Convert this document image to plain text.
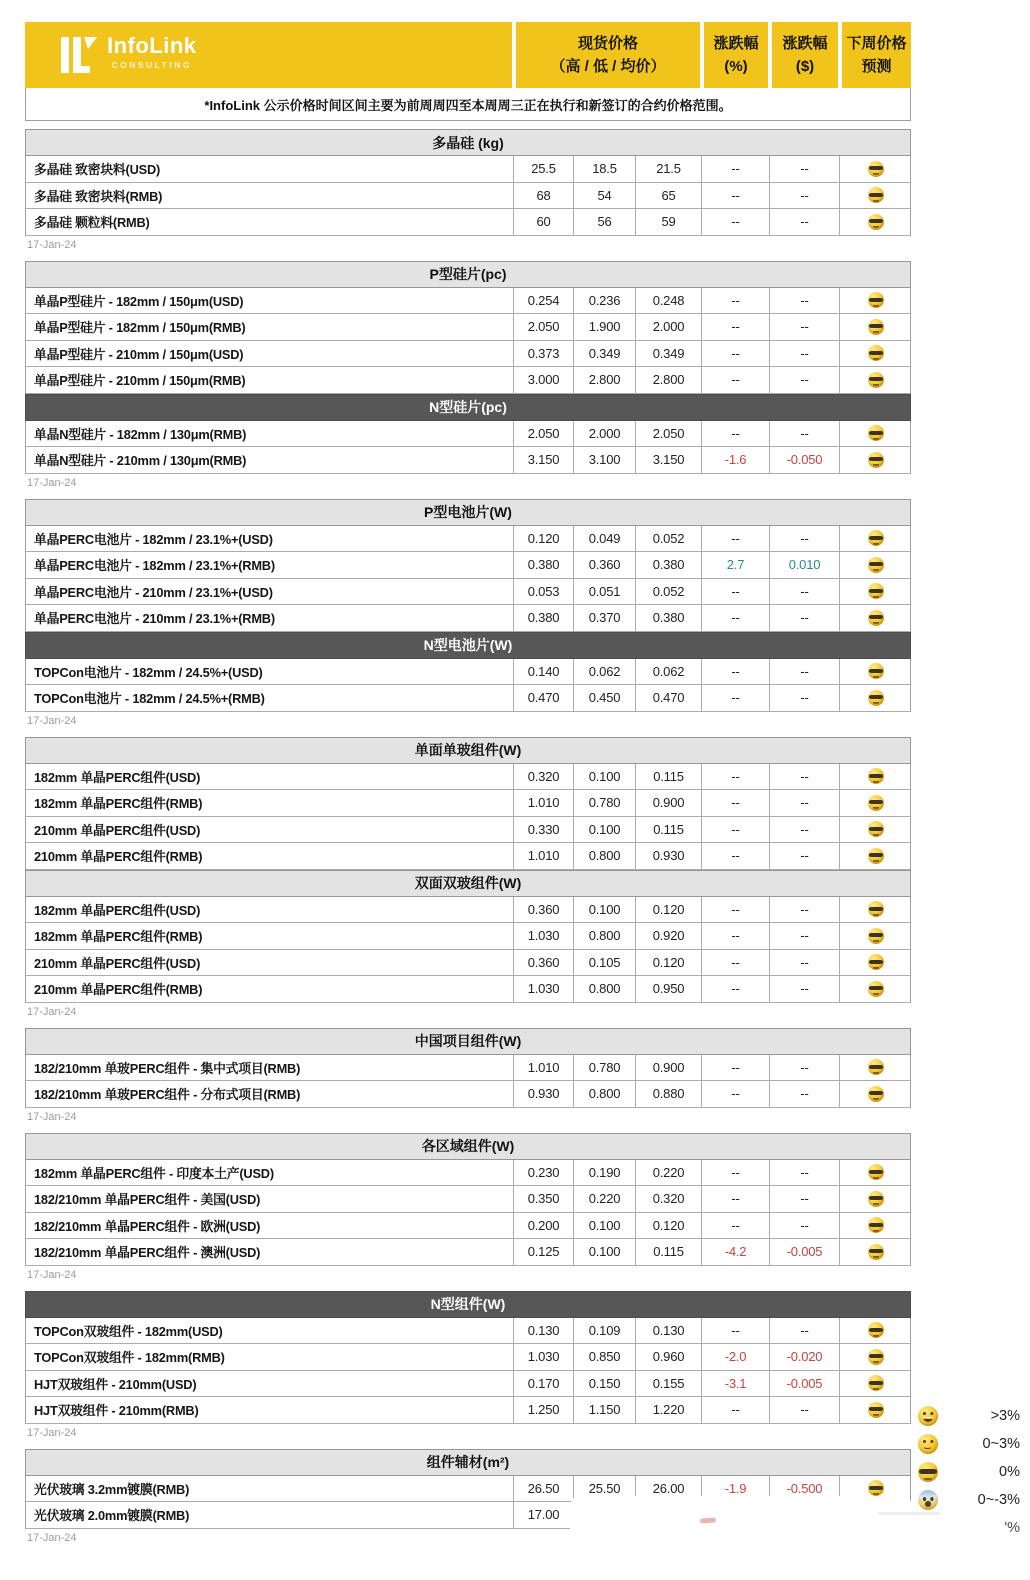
InfoLink
CONSULTING
现货价格
（高 / 低 / 均价）
涨跌幅
(%)
涨跌幅
($)
下周价格
预测
*InfoLink 公示价格时间区间主要为前周周四至本周周三正在执行和新签订的合约价格范围。
多晶硅 (kg)
多晶硅 致密块料(USD)	25.5	18.5	21.5	--	--
多晶硅 致密块料(RMB)	68	54	65	--	--
多晶硅 颗粒料(RMB)	60	56	59	--	--
17-Jan-24
P型硅片(pc)
单晶P型硅片 - 182mm / 150μm(USD)	0.254	0.236	0.248	--	--
单晶P型硅片 - 182mm / 150μm(RMB)	2.050	1.900	2.000	--	--
单晶P型硅片 - 210mm / 150μm(USD)	0.373	0.349	0.349	--	--
单晶P型硅片 - 210mm / 150μm(RMB)	3.000	2.800	2.800	--	--
N型硅片(pc)
单晶N型硅片 - 182mm / 130μm(RMB)	2.050	2.000	2.050	--	--
单晶N型硅片 - 210mm / 130μm(RMB)	3.150	3.100	3.150	-1.6	-0.050
17-Jan-24
P型电池片(W)
单晶PERC电池片 - 182mm / 23.1%+(USD)	0.120	0.049	0.052	--	--
单晶PERC电池片 - 182mm / 23.1%+(RMB)	0.380	0.360	0.380	2.7	0.010
单晶PERC电池片 - 210mm / 23.1%+(USD)	0.053	0.051	0.052	--	--
单晶PERC电池片 - 210mm / 23.1%+(RMB)	0.380	0.370	0.380	--	--
N型电池片(W)
TOPCon电池片 - 182mm / 24.5%+(USD)	0.140	0.062	0.062	--	--
TOPCon电池片 - 182mm / 24.5%+(RMB)	0.470	0.450	0.470	--	--
17-Jan-24
单面单玻组件(W)
182mm 单晶PERC组件(USD)	0.320	0.100	0.115	--	--
182mm 单晶PERC组件(RMB)	1.010	0.780	0.900	--	--
210mm 单晶PERC组件(USD)	0.330	0.100	0.115	--	--
210mm 单晶PERC组件(RMB)	1.010	0.800	0.930	--	--
双面双玻组件(W)
182mm 单晶PERC组件(USD)	0.360	0.100	0.120	--	--
182mm 单晶PERC组件(RMB)	1.030	0.800	0.920	--	--
210mm 单晶PERC组件(USD)	0.360	0.105	0.120	--	--
210mm 单晶PERC组件(RMB)	1.030	0.800	0.950	--	--
17-Jan-24
中国项目组件(W)
182/210mm 单玻PERC组件 - 集中式项目(RMB)	1.010	0.780	0.900	--	--
182/210mm 单玻PERC组件 - 分布式项目(RMB)	0.930	0.800	0.880	--	--
17-Jan-24
各区域组件(W)
182mm 单晶PERC组件 - 印度本土产(USD)	0.230	0.190	0.220	--	--
182/210mm 单晶PERC组件 - 美国(USD)	0.350	0.220	0.320	--	--
182/210mm 单晶PERC组件 - 欧洲(USD)	0.200	0.100	0.120	--	--
182/210mm 单晶PERC组件 - 澳洲(USD)	0.125	0.100	0.115	-4.2	-0.005
17-Jan-24
N型组件(W)
TOPCon双玻组件 - 182mm(USD)	0.130	0.109	0.130	--	--
TOPCon双玻组件 - 182mm(RMB)	1.030	0.850	0.960	-2.0	-0.020
HJT双玻组件 - 210mm(USD)	0.170	0.150	0.155	-3.1	-0.005
HJT双玻组件 - 210mm(RMB)	1.250	1.150	1.220	--	--
17-Jan-24
组件辅材(m²)
光伏玻璃 3.2mm镀膜(RMB)	26.50	25.50	26.00	-1.9	-0.500
光伏玻璃 2.0mm镀膜(RMB)	17.00
17-Jan-24
>3%
0~3%
0%
0~-3%
'%
